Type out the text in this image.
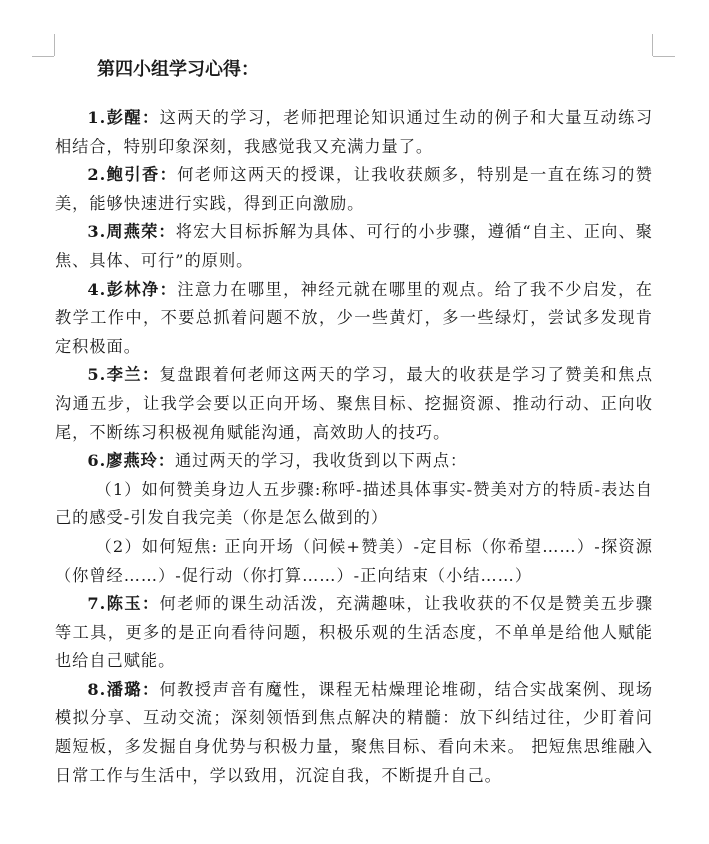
第四小组学习心得：

1.彭醒：这两天的学习，老师把理论知识通过生动的例子和大量互动练习相结合，特别印象深刻，我感觉我又充满力量了。

2.鲍引香：何老师这两天的授课，让我收获颇多，特别是一直在练习的赞美，能够快速进行实践，得到正向激励。

3.周燕荣：将宏大目标拆解为具体、可行的小步骤，遵循“自主、正向、聚焦、具体、可行”的原则。

4.彭林净：注意力在哪里，神经元就在哪里的观点。给了我不少启发，在教学工作中，不要总抓着问题不放，少一些黄灯，多一些绿灯，尝试多发现肯定积极面。

5.李兰：复盘跟着何老师这两天的学习，最大的收获是学习了赞美和焦点沟通五步，让我学会要以正向开场、聚焦目标、挖掘资源、推动行动、正向收尾，不断练习积极视角赋能沟通，高效助人的技巧。

6.廖燕玲：通过两天的学习，我收货到以下两点：

（1）如何赞美身边人五步骤:称呼-描述具体事实-赞美对方的特质-表达自己的感受-引发自我完美（你是怎么做到的）

（2）如何短焦: 正向开场（问候+赞美）-定目标（你希望……）-探资源（你曾经……）-促行动（你打算……）-正向结束（小结……）

7.陈玉：何老师的课生动活泼，充满趣味，让我收获的不仅是赞美五步骤等工具，更多的是正向看待问题，积极乐观的生活态度，不单单是给他人赋能也给自己赋能。

8.潘璐：何教授声音有魔性，课程无枯燥理论堆砌，结合实战案例、现场模拟分享、互动交流；深刻领悟到焦点解决的精髓：放下纠结过往，少盯着问题短板，多发掘自身优势与积极力量，聚焦目标、看向未来。 把短焦思维融入日常工作与生活中，学以致用，沉淀自我，不断提升自己。
